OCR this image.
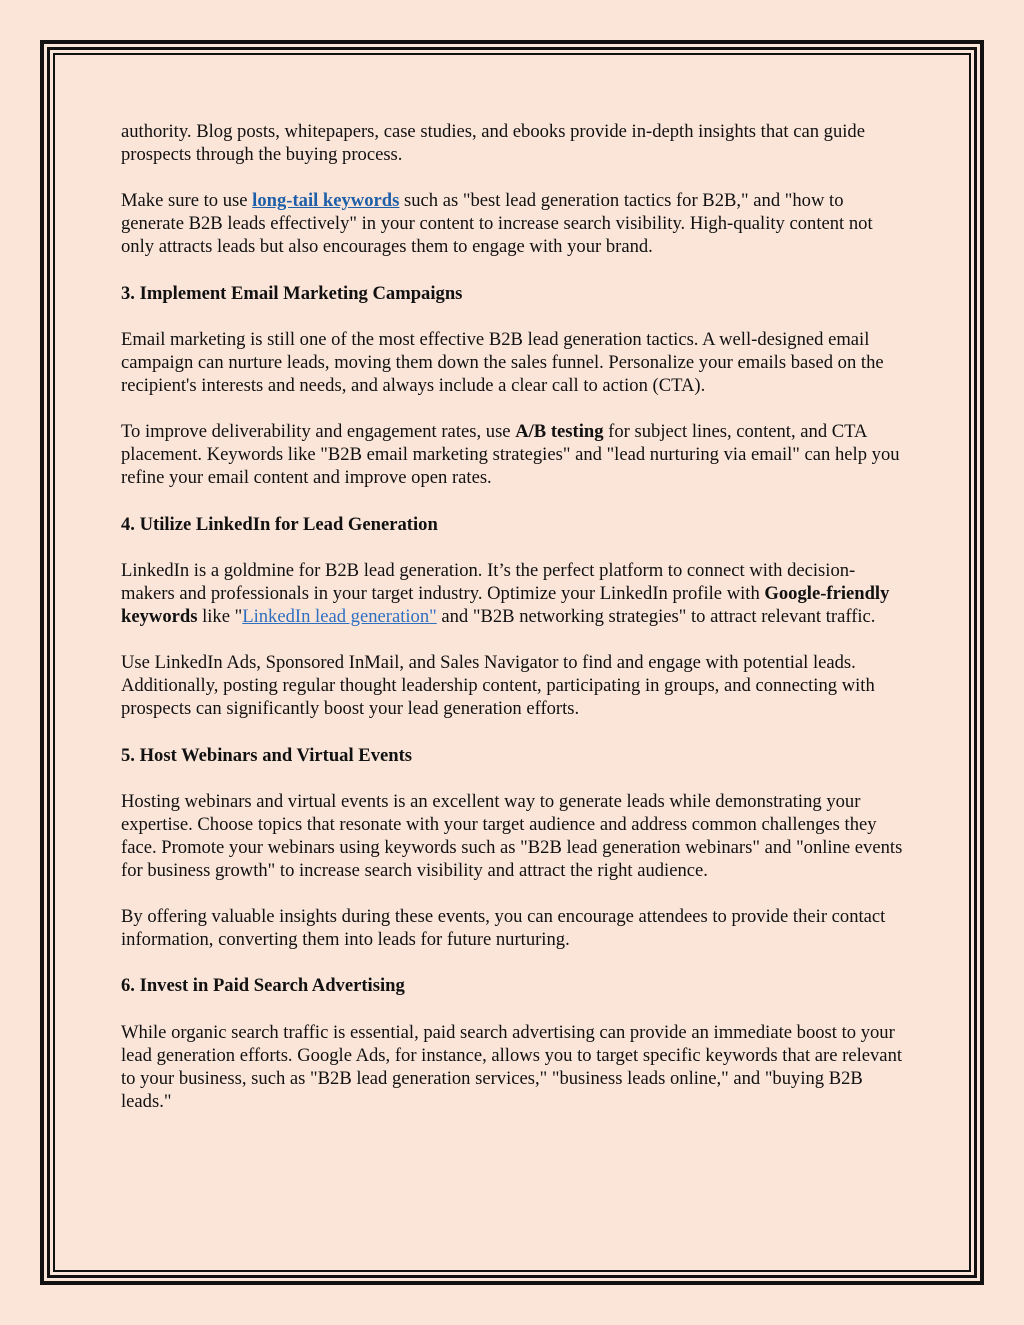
authority. Blog posts, whitepapers, case studies, and ebooks provide in-depth insights that can guide prospects through the buying process.

Make sure to use long-tail keywords such as "best lead generation tactics for B2B," and "how to generate B2B leads effectively" in your content to increase search visibility. High-quality content not only attracts leads but also encourages them to engage with your brand.

3. Implement Email Marketing Campaigns

Email marketing is still one of the most effective B2B lead generation tactics. A well-designed email campaign can nurture leads, moving them down the sales funnel. Personalize your emails based on the recipient's interests and needs, and always include a clear call to action (CTA).

To improve deliverability and engagement rates, use A/B testing for subject lines, content, and CTA placement. Keywords like "B2B email marketing strategies" and "lead nurturing via email" can help you refine your email content and improve open rates.

4. Utilize LinkedIn for Lead Generation

LinkedIn is a goldmine for B2B lead generation. It’s the perfect platform to connect with decision-makers and professionals in your target industry. Optimize your LinkedIn profile with Google-friendly keywords like "LinkedIn lead generation" and "B2B networking strategies" to attract relevant traffic.

Use LinkedIn Ads, Sponsored InMail, and Sales Navigator to find and engage with potential leads. Additionally, posting regular thought leadership content, participating in groups, and connecting with prospects can significantly boost your lead generation efforts.

5. Host Webinars and Virtual Events

Hosting webinars and virtual events is an excellent way to generate leads while demonstrating your expertise. Choose topics that resonate with your target audience and address common challenges they face. Promote your webinars using keywords such as "B2B lead generation webinars" and "online events for business growth" to increase search visibility and attract the right audience.

By offering valuable insights during these events, you can encourage attendees to provide their contact information, converting them into leads for future nurturing.

6. Invest in Paid Search Advertising

While organic search traffic is essential, paid search advertising can provide an immediate boost to your lead generation efforts. Google Ads, for instance, allows you to target specific keywords that are relevant to your business, such as "B2B lead generation services," "business leads online," and "buying B2B leads."
